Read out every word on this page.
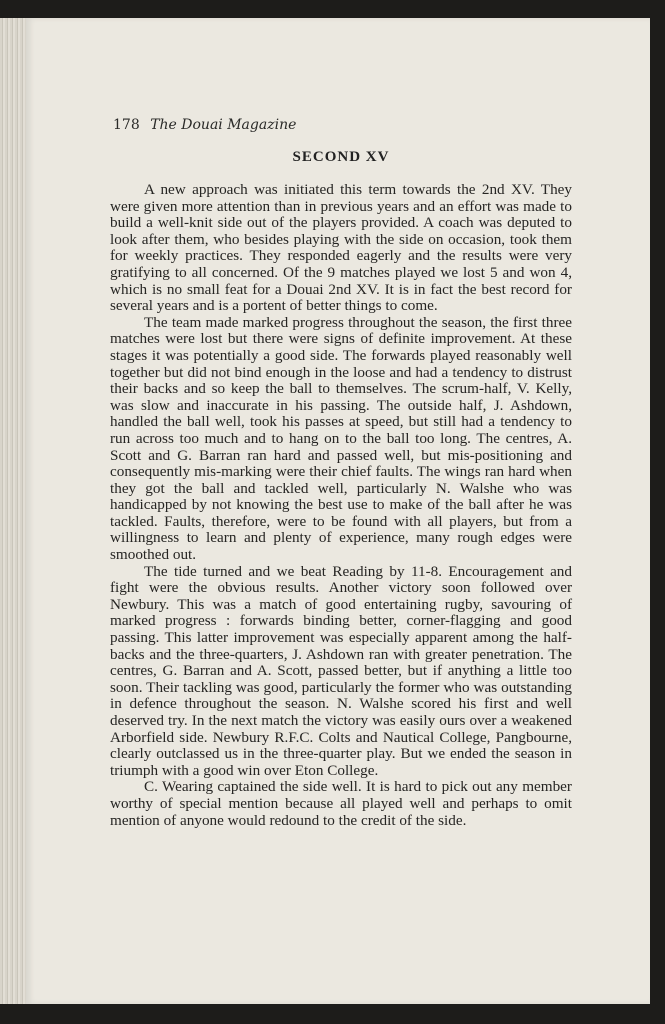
178 The Douai Magazine
SECOND XV

A new approach was initiated this term towards the 2nd XV. They were given more attention than in previous years and an effort was made to build a well-knit side out of the players provided. A coach was deputed to look after them, who besides playing with the side on occasion, took them for weekly practices. They responded eagerly and the results were very gratifying to all concerned. Of the 9 matches played we lost 5 and won 4, which is no small feat for a Douai 2nd XV. It is in fact the best record for several years and is a portent of better things to come.

The team made marked progress throughout the season, the first three matches were lost but there were signs of definite improvement. At these stages it was potentially a good side. The forwards played reasonably well together but did not bind enough in the loose and had a tendency to distrust their backs and so keep the ball to themselves. The scrum-half, V. Kelly, was slow and inaccurate in his passing. The outside half, J. Ashdown, handled the ball well, took his passes at speed, but still had a tendency to run across too much and to hang on to the ball too long. The centres, A. Scott and G. Barran ran hard and passed well, but mis-positioning and consequently mis-marking were their chief faults. The wings ran hard when they got the ball and tackled well, particularly N. Walshe who was handicapped by not knowing the best use to make of the ball after he was tackled. Faults, therefore, were to be found with all players, but from a willingness to learn and plenty of experience, many rough edges were smoothed out.

The tide turned and we beat Reading by 11-8. Encouragement and fight were the obvious results. Another victory soon followed over Newbury. This was a match of good entertaining rugby, savouring of marked progress : forwards binding better, corner-flagging and good passing. This latter improvement was especially apparent among the half-backs and the three-quarters, J. Ashdown ran with greater penetration. The centres, G. Barran and A. Scott, passed better, but if anything a little too soon. Their tackling was good, particularly the former who was outstanding in defence throughout the season. N. Walshe scored his first and well deserved try. In the next match the victory was easily ours over a weakened Arborfield side. Newbury R.F.C. Colts and Nautical College, Pangbourne, clearly outclassed us in the three-quarter play. But we ended the season in triumph with a good win over Eton College.

C. Wearing captained the side well. It is hard to pick out any member worthy of special mention because all played well and perhaps to omit mention of anyone would redound to the credit of the side.
